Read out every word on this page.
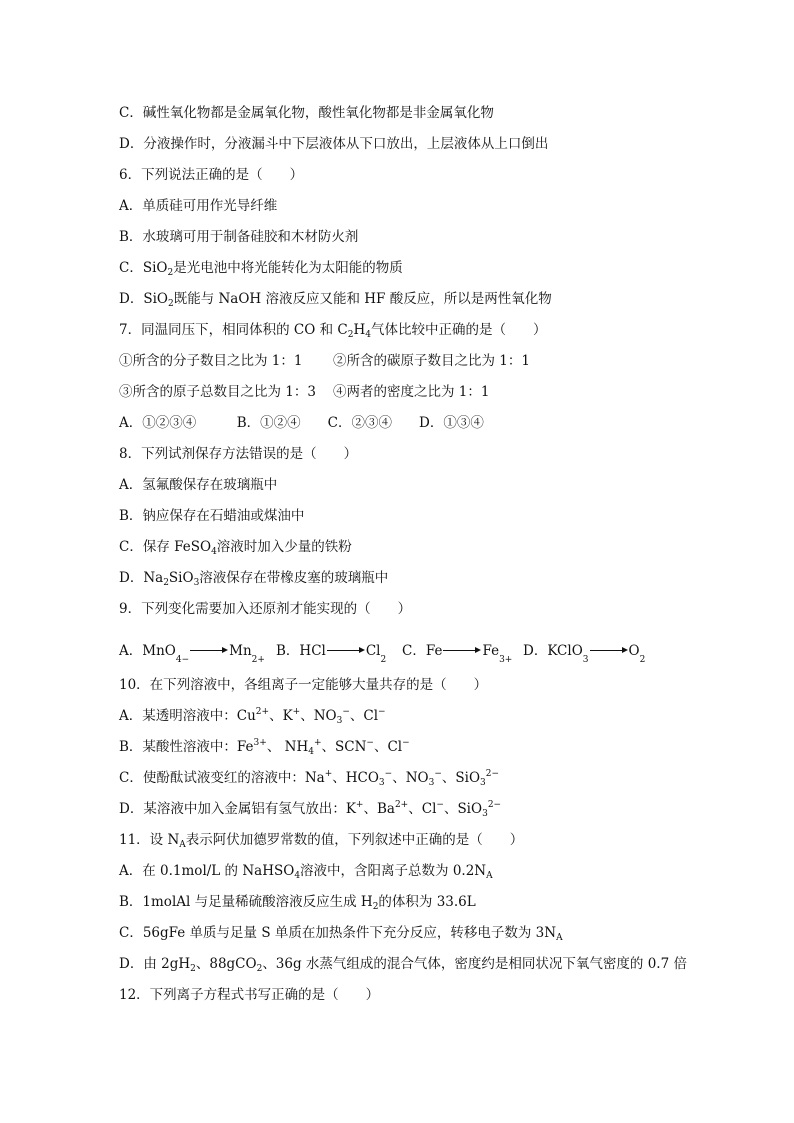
C．碱性氧化物都是金属氧化物，酸性氧化物都是非金属氧化物
D．分液操作时，分液漏斗中下层液体从下口放出，上层液体从上口倒出
6．下列说法正确的是（　　）
A．单质硅可用作光导纤维
B．水玻璃可用于制备硅胶和木材防火剂
C．SiO$_2$是光电池中将光能转化为太阳能的物质
D．SiO$_2$既能与 NaOH 溶液反应又能和 HF 酸反应，所以是两性氧化物
7．同温同压下，相同体积的 CO 和 $C_2H_4$气体比较中正确的是（　　）
①所含的分子数目之比为 1：1 ②所含的碳原子数目之比为 1：1
③所含的原子总数目之比为 1：3 ④两者的密度之比为 1：1
A．①②③④　　　B．①②④　　C．②③④　　D．①③④
8．下列试剂保存方法错误的是（　　）
A．氢氟酸保存在玻璃瓶中
B．钠应保存在石蜡油或煤油中
C．保存 FeSO$_4$溶液时加入少量的铁粉
D．$Na_2SiO_3$溶液保存在带橡皮塞的玻璃瓶中
9．下列变化需要加入还原剂才能实现的（　　）
A．MnO
4 −
Mn
2+
B．HCl	Cl
2
C．Fe	Fe
3+
D．KClO
3
O
2
10．在下列溶液中，各组离子一定能够大量共存的是（　　）
A．某透明溶液中：$Cu^{2+}$、K+、$NO_3^-$、Cl−
B．某酸性溶液中：$Fe^{3+}$、 $NH_4^+$、SCN−、Cl−
C．使酚酞试液变红的溶液中：Na+、$HCO_3^-$、$NO_3^-$、SiO$_3^{2-}$
D．某溶液中加入金属铝有氢气放出：K+、$Ba^{2+}$、Cl−、SiO$_3^{2-}$
11．设 $N_A$表示阿伏加德罗常数的值，下列叙述中正确的是（　　）
A．在 0.1mol/L 的 NaHSO$_4$溶液中，含阳离子总数为 $0.2N_A$
B．1molAl 与足量稀硫酸溶液反应生成 $H_2$的体积为 33.6L
C．56gFe 单质与足量 S 单质在加热条件下充分反应，转移电子数为 $3N_A$
D．由 $2gH_2$、88gCO$_2$、36g 水蒸气组成的混合气体，密度约是相同状况下氧气密度的 0.7 倍
12．下列离子方程式书写正确的是（　　）
